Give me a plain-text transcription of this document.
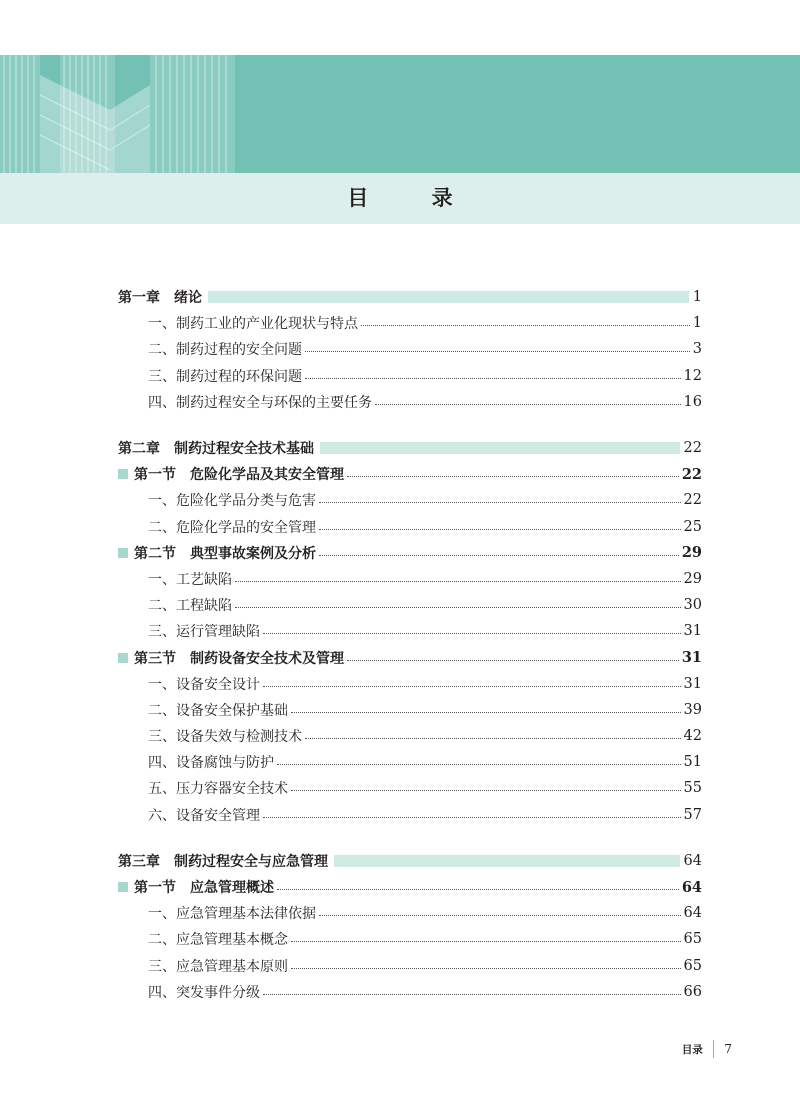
目 录
第一章　绪论	1
一、制药工业的产业化现状与特点	1
二、制药过程的安全问题	3
三、制药过程的环保问题	12
四、制药过程安全与环保的主要任务	16
第二章　制药过程安全技术基础	22
第一节　危险化学品及其安全管理	22
一、危险化学品分类与危害	22
二、危险化学品的安全管理	25
第二节　典型事故案例及分析	29
一、工艺缺陷	29
二、工程缺陷	30
三、运行管理缺陷	31
第三节　制药设备安全技术及管理	31
一、设备安全设计	31
二、设备安全保护基础	39
三、设备失效与检测技术	42
四、设备腐蚀与防护	51
五、压力容器安全技术	55
六、设备安全管理	57
第三章　制药过程安全与应急管理	64
第一节　应急管理概述	64
一、应急管理基本法律依据	64
二、应急管理基本概念	65
三、应急管理基本原则	65
四、突发事件分级	66
目录 7
